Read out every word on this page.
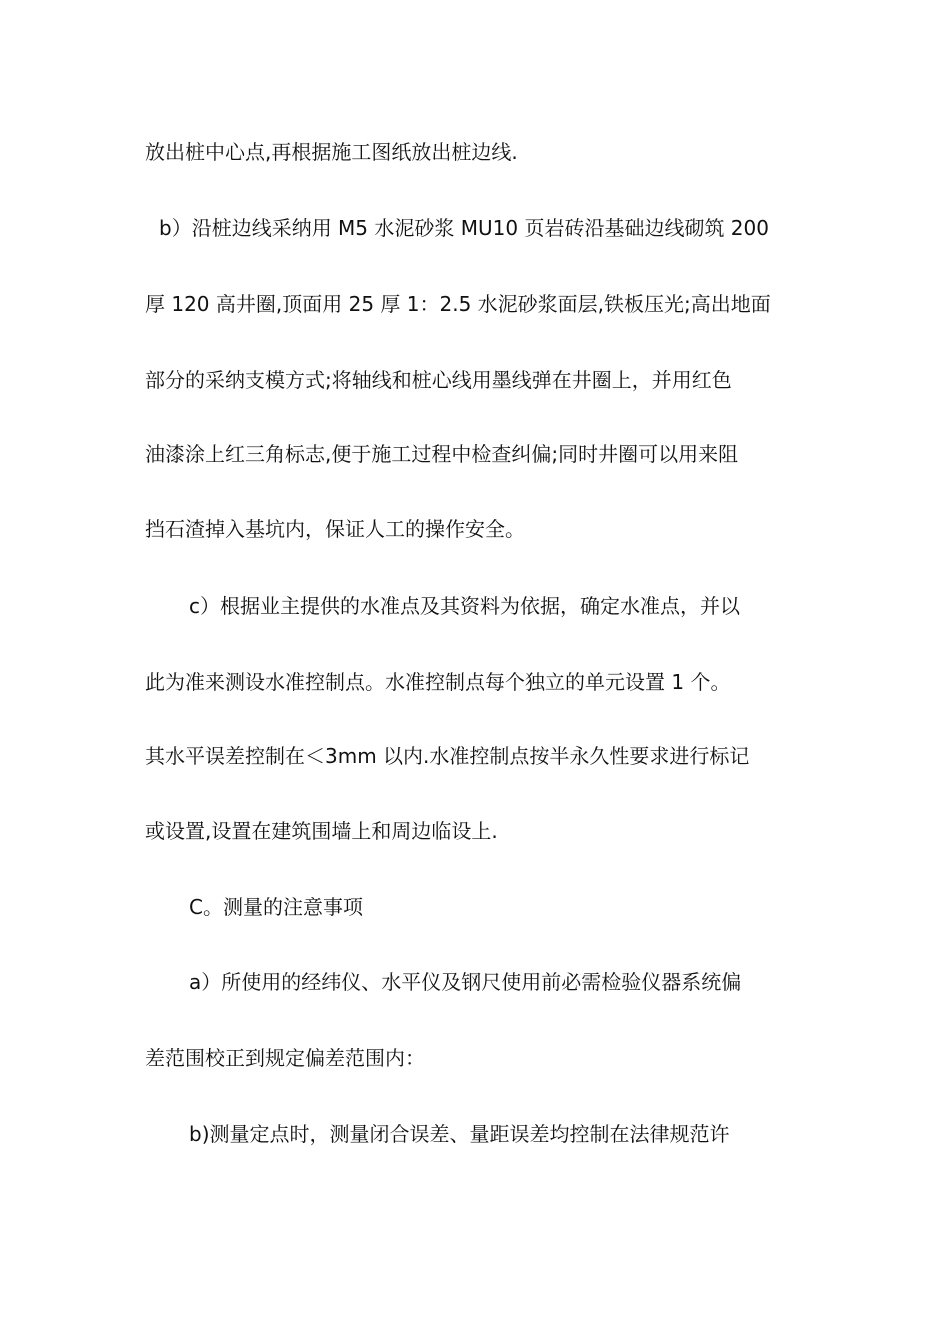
放出桩中心点,再根据施工图纸放出桩边线.

b）沿桩边线采纳用 M5 水泥砂浆 MU10 页岩砖沿基础边线砌筑 200

厚 120 高井圈,顶面用 25 厚 1：2.5 水泥砂浆面层,铁板压光;高出地面

部分的采纳支模方式;将轴线和桩心线用墨线弹在井圈上，并用红色

油漆涂上红三角标志,便于施工过程中检查纠偏;同时井圈可以用来阻

挡石渣掉入基坑内，保证人工的操作安全。

c）根据业主提供的水准点及其资料为依据，确定水准点，并以

此为准来测设水准控制点。水准控制点每个独立的单元设置 1 个。

其水平误差控制在＜3mm 以内.水准控制点按半永久性要求进行标记

或设置,设置在建筑围墙上和周边临设上.

C。测量的注意事项

a）所使用的经纬仪、水平仪及钢尺使用前必需检验仪器系统偏

差范围校正到规定偏差范围内：

b)测量定点时，测量闭合误差、量距误差均控制在法律规范许
